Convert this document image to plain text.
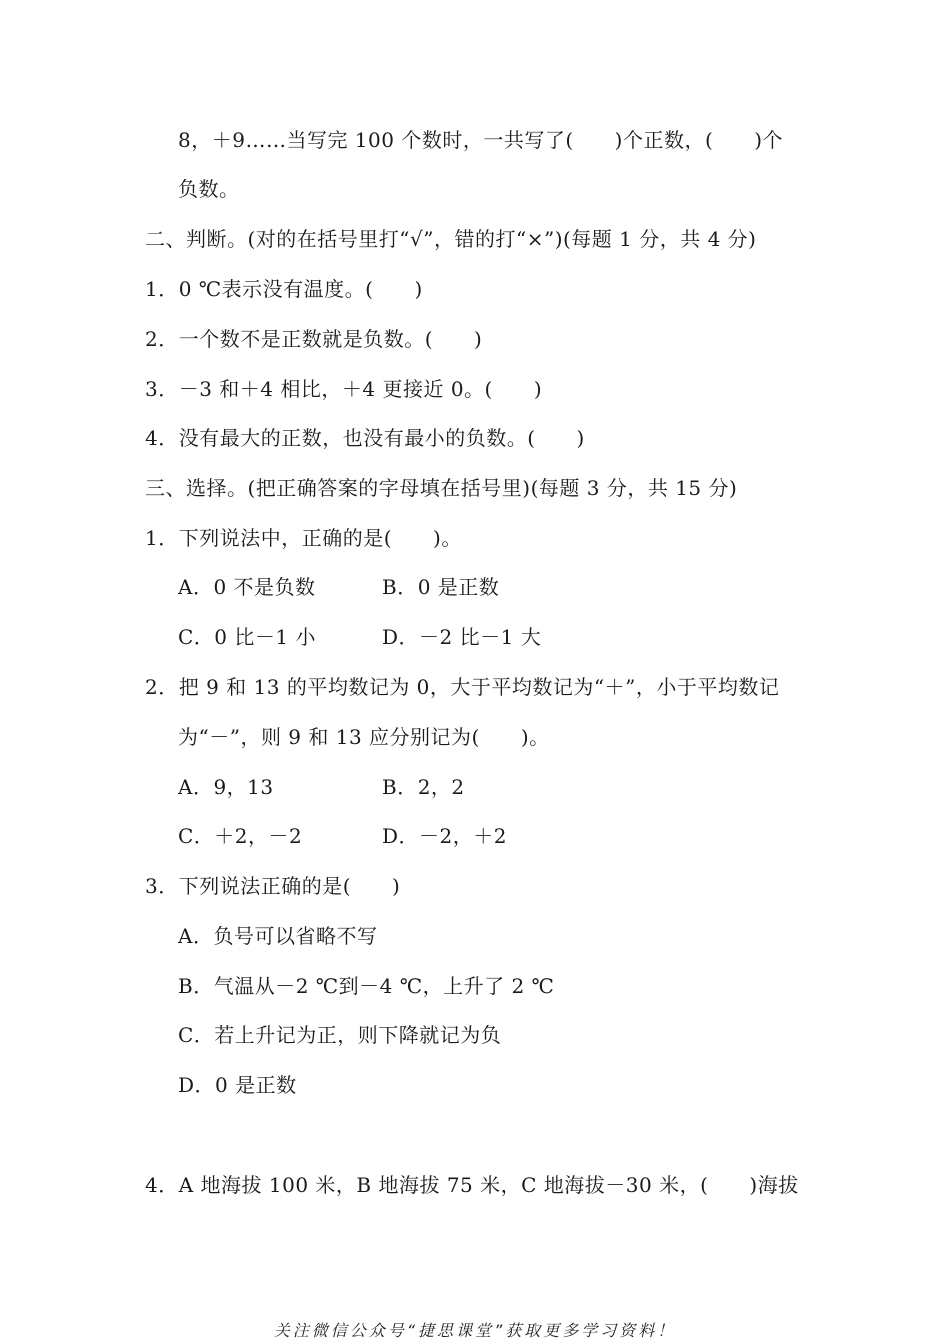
8，＋9……当写完 100 个数时，一共写了(　　)个正数，(　　)个
负数。
二、判断。(对的在括号里打“√”，错的打“×”)(每题 1 分，共 4 分)
1．0 ℃表示没有温度。(　　)
2．一个数不是正数就是负数。(　　)
3．－3 和＋4 相比，＋4 更接近 0。(　　)
4．没有最大的正数，也没有最小的负数。(　　)
三、选择。(把正确答案的字母填在括号里)(每题 3 分，共 15 分)
1．下列说法中，正确的是(　　)。
A．0 不是负数	B．0 是正数
C．0 比－1 小	D．－2 比－1 大
2．把 9 和 13 的平均数记为 0，大于平均数记为“＋”，小于平均数记
为“－”，则 9 和 13 应分别记为(　　)。
A．9，13	B．2，2
C．＋2，－2	D．－2，＋2
3．下列说法正确的是(　　)
A．负号可以省略不写
B．气温从－2 ℃到－4 ℃，上升了 2 ℃
C．若上升记为正，则下降就记为负
D．0 是正数
4．A 地海拔 100 米，B 地海拔 75 米，C 地海拔－30 米，(　　)海拔
关注微信公众号“捷思课堂”获取更多学习资料！
